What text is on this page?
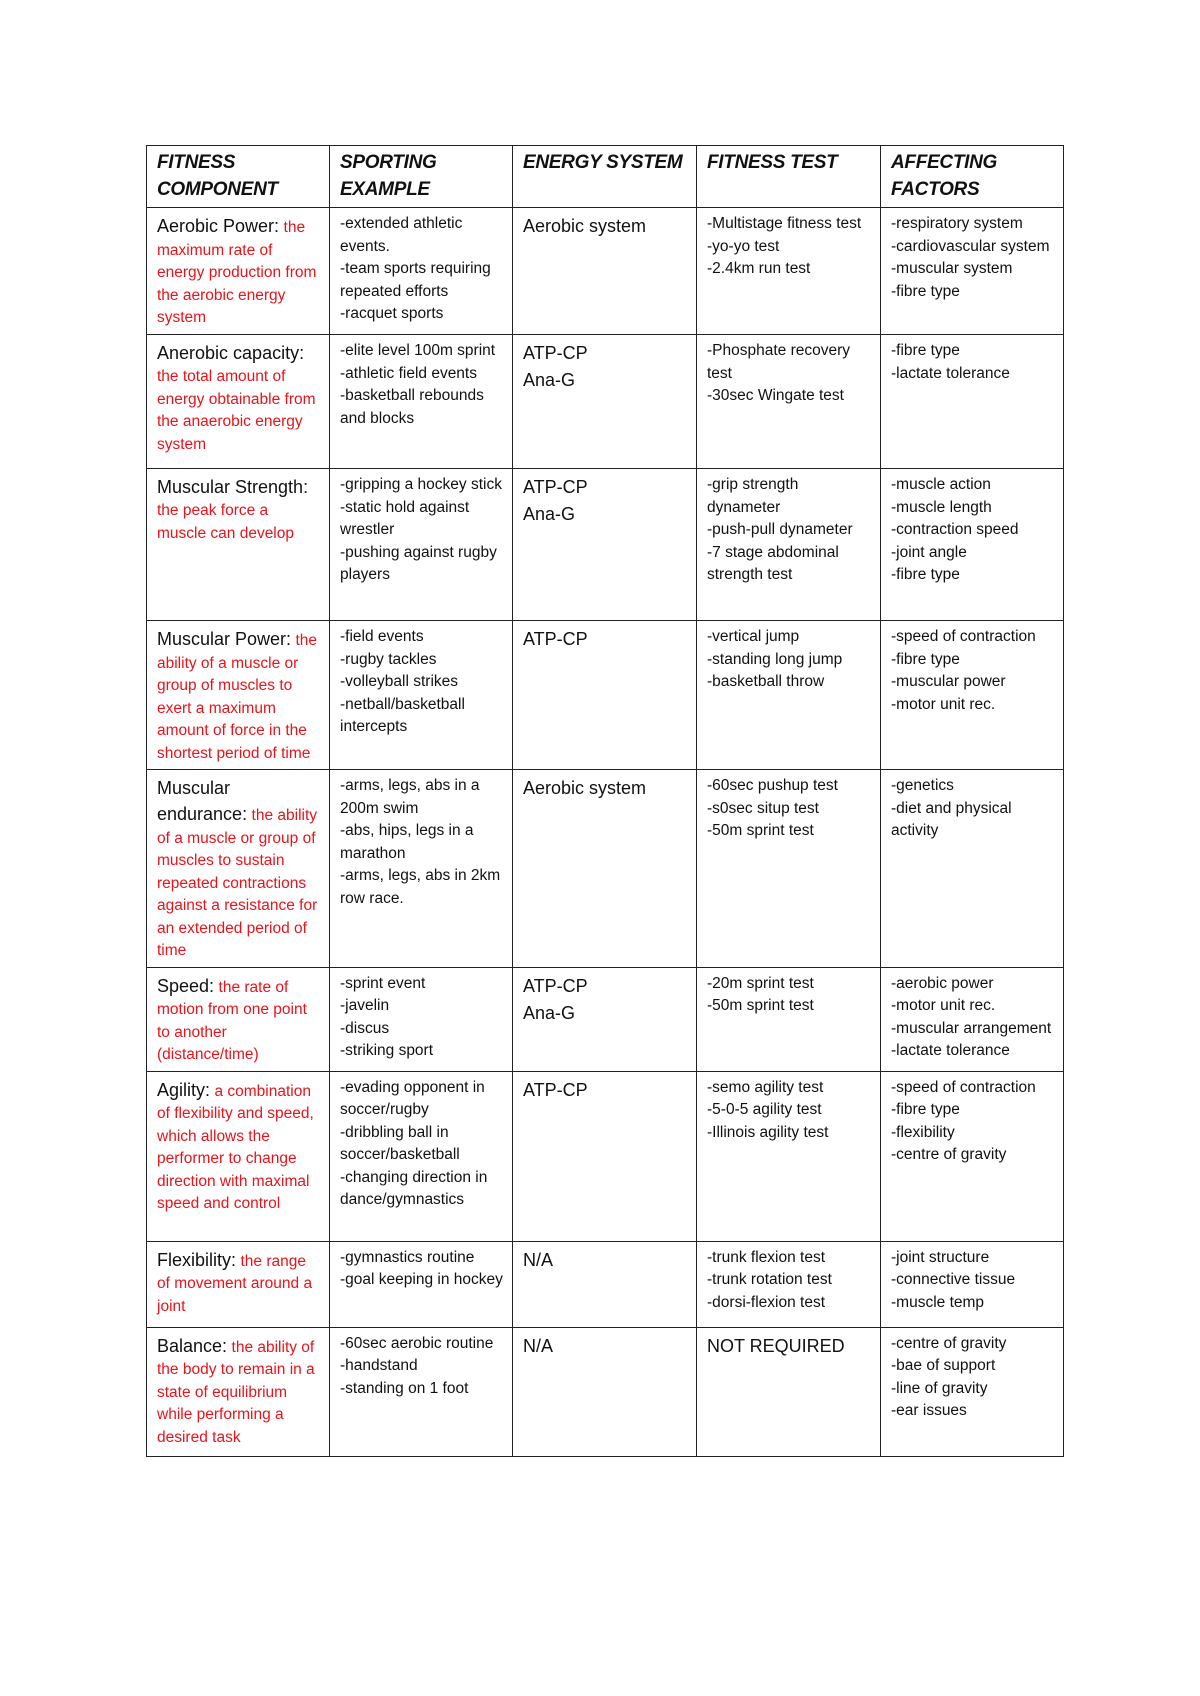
FITNESS
COMPONENT	SPORTING
EXAMPLE	ENERGY SYSTEM	FITNESS TEST	AFFECTING
FACTORS

Aerobic Power: the maximum rate of energy production from the aerobic energy system	-extended athletic events.
-team sports requiring repeated efforts
-racquet sports	Aerobic system	-Multistage fitness test
-yo-yo test
-2.4km run test	-respiratory system
-cardiovascular system
-muscular system
-fibre type

Anerobic capacity: the total amount of energy obtainable from the anaerobic energy system	-elite level 100m sprint
-athletic field events
-basketball rebounds and blocks	ATP-CP
Ana-G	-Phosphate recovery test
-30sec Wingate test	-fibre type
-lactate tolerance

Muscular Strength: the peak force a muscle can develop	-gripping a hockey stick
-static hold against wrestler
-pushing against rugby players	ATP-CP
Ana-G	-grip strength dynameter
-push-pull dynameter
-7 stage abdominal strength test	-muscle action
-muscle length
-contraction speed
-joint angle
-fibre type

Muscular Power: the ability of a muscle or group of muscles to exert a maximum amount of force in the shortest period of time	-field events
-rugby tackles
-volleyball strikes
-netball/basketball intercepts	ATP-CP	-vertical jump
-standing long jump
-basketball throw	-speed of contraction
-fibre type
-muscular power
-motor unit rec.

Muscular endurance: the ability of a muscle or group of muscles to sustain repeated contractions against a resistance for an extended period of time	-arms, legs, abs in a 200m swim
-abs, hips, legs in a marathon
-arms, legs, abs in 2km row race.	Aerobic system	-60sec pushup test
-s0sec situp test
-50m sprint test	-genetics
-diet and physical activity

Speed: the rate of motion from one point to another (distance/time)	-sprint event
-javelin
-discus
-striking sport	ATP-CP
Ana-G	-20m sprint test
-50m sprint test	-aerobic power
-motor unit rec.
-muscular arrangement
-lactate tolerance

Agility: a combination of flexibility and speed, which allows the performer to change direction with maximal speed and control	-evading opponent in soccer/rugby
-dribbling ball in soccer/basketball
-changing direction in dance/gymnastics	ATP-CP	-semo agility test
-5-0-5 agility test
-Illinois agility test	-speed of contraction
-fibre type
-flexibility
-centre of gravity

Flexibility: the range of movement around a joint	-gymnastics routine
-goal keeping in hockey	N/A	-trunk flexion test
-trunk rotation test
-dorsi-flexion test	-joint structure
-connective tissue
-muscle temp

Balance: the ability of the body to remain in a state of equilibrium while performing a desired task	-60sec aerobic routine
-handstand
-standing on 1 foot	N/A	NOT REQUIRED	-centre of gravity
-bae of support
-line of gravity
-ear issues
